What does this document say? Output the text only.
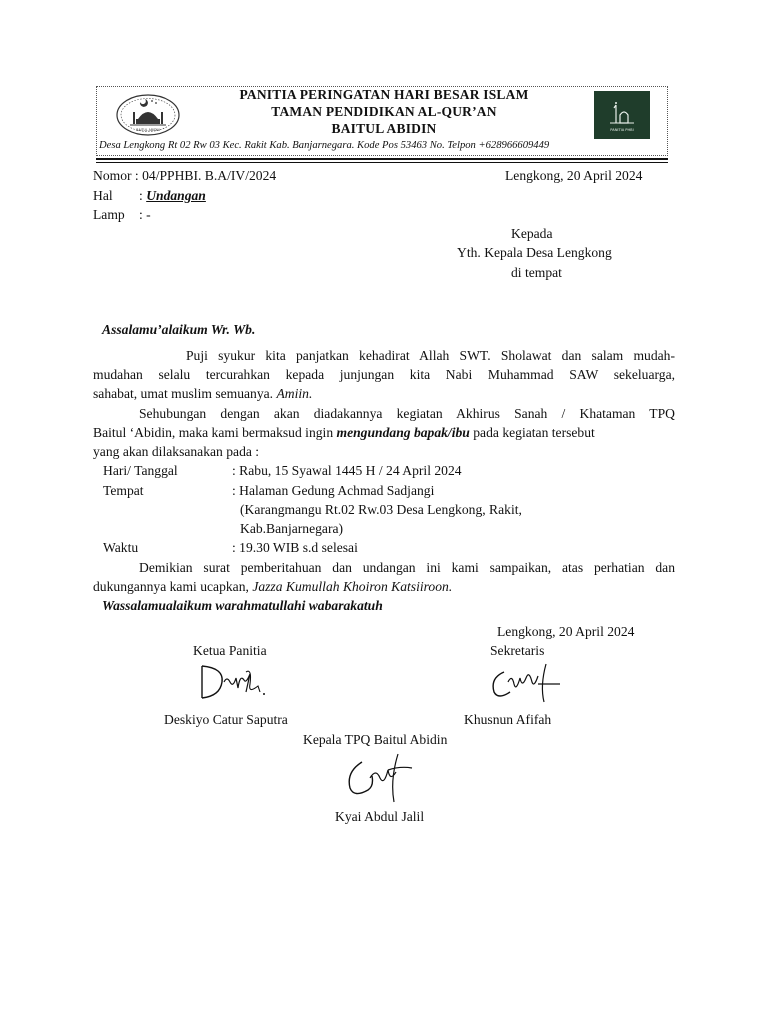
BAITUL ABIDIN	PANITIA PHBI
PANITIA PERINGATAN HARI BESAR ISLAM
TAMAN PENDIDIKAN AL-QUR’AN
BAITUL ABIDIN
Desa Lengkong Rt 02 Rw 03 Kec. Rakit Kab. Banjarnegara. Kode Pos 53463 No. Telpon +628966609449
Nomor : 04/PPHBI. B.A/IV/2024	Lengkong, 20 April 2024
Hal : Undangan
Lamp : -
Kepada
Yth. Kepala Desa Lengkong
di tempat
Assalamu’alaikum Wr. Wb.
Puji syukur kita panjatkan kehadirat Allah SWT. Sholawat dan salam mudah-
mudahan selalu tercurahkan kepada junjungan kita Nabi Muhammad SAW sekeluarga,
sahabat, umat muslim semuanya. Amiin.
Sehubungan dengan akan diadakannya kegiatan Akhirus Sanah / Khataman TPQ
Baitul ‘Abidin, maka kami bermaksud ingin mengundang bapak/ibu pada kegiatan tersebut
yang akan dilaksanakan pada :
Hari/ Tanggal	: Rabu, 15 Syawal 1445 H / 24 April 2024
Tempat	: Halaman Gedung Achmad Sadjangi
(Karangmangu Rt.02 Rw.03 Desa Lengkong, Rakit,
Kab.Banjarnegara)
Waktu	: 19.30 WIB s.d selesai
Demikian surat pemberitahuan dan undangan ini kami sampaikan, atas perhatian dan
dukungannya kami ucapkan, Jazza Kumullah Khoiron Katsiiroon.
Wassalamualaikum warahmatullahi wabarakatuh
Lengkong, 20 April 2024
Ketua Panitia	Sekretaris
Deskiyo Catur Saputra	Khusnun Afifah
Kepala TPQ Baitul Abidin
Kyai Abdul Jalil
